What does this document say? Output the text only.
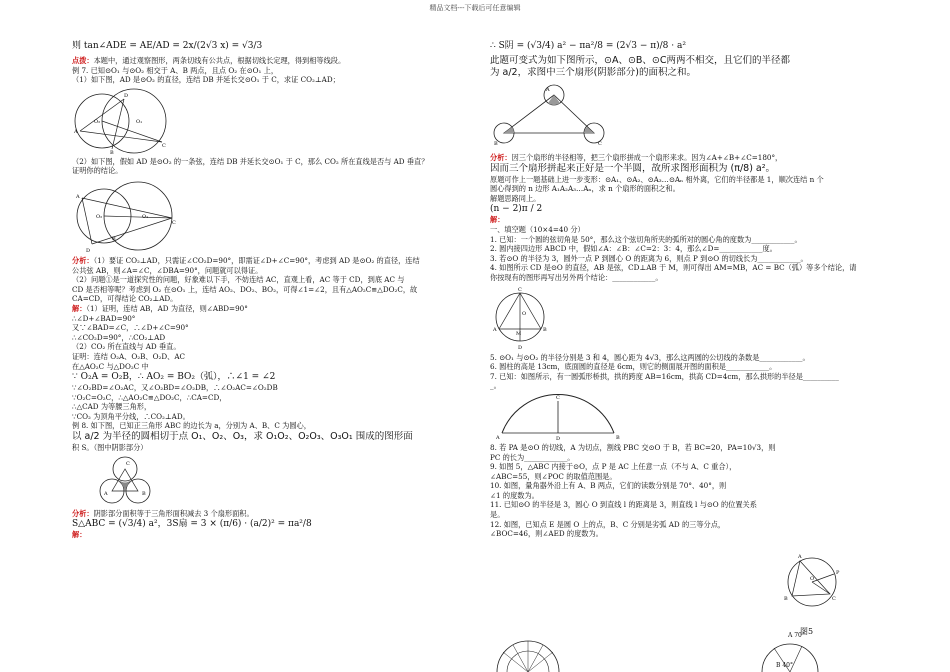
精品文档---下载后可任意编辑
则 tan∠ADE = AE/AD = 2x/(2√3 x) = √3/3
点拨：本题中，通过观察图形，两条切线有公共点，根据切线长定理，得到相等线段。
例 7. 已知⊙O₁ 与⊙O₂ 相交于 A、B 两点，且点 O₂ 在⊙O₁ 上，
（1）如下图，AD 是⊙O₂ 的直径，连结 DB 并延长交⊙O₁ 于 C，求证 CO₂⊥AD；
O₂	O₁
A
D
B
C
（2）如下图，假如 AD 是⊙O₂ 的一条弦，连结 DB 并延长交⊙O₁ 于 C，那么 CO₂ 所在直线是否与 AD 垂直？
证明你的结论。
A
D
O₂	O₁
B
C
分析：（1）要证 CO₂⊥AD，只需证∠CO₂D=90°，即需证∠D+∠C=90°，考虑到 AD 是⊙O₂ 的直径，连结
公共弦 AB，则∠A=∠C，∠DBA=90°，问题就可以得证。
（2）问题①是一道探究性的问题，好象难以下手，不妨连结 AC，直观上看，AC 等于 CD，到底 AC 与
CD 是否相等呢？考虑到 O₂ 在⊙O₁ 上，连结 AO₂、DO₂、BO₂，可得∠1=∠2，且有△AO₂C≌△DO₂C，故
CA=CD，可得结论 CO₂⊥AD。
解：（1）证明，连结 AB，AD 为直径，则∠ABD=90°
∴∠D+∠BAD=90°
又∵∠BAD=∠C，∴∠D+∠C=90°
∴∠CO₂D=90°，∴CO₂⊥AD
（2）CO₂ 所在直线与 AD 垂直。
证明：连结 O₂A、O₂B、O₂D、AC
在△AO₂C 与△DO₂C 中
∵ O₂A = O₂B，∴ AO₂ = BO₂（弧），∴∠1 = ∠2
∵∠O₂BD=∠O₂AC，又∠O₂BD=∠O₂DB，∴∠O₂AC=∠O₂DB
∵O₂C=O₂C，∴△AO₂C≌△DO₂C，∴CA=CD，
∴△CAD 为等腰三角形，
∵CO₂ 为顶角平分线，∴CO₂⊥AD。
例 8. 如下图，已知正三角形 ABC 的边长为 a，分别为 A、B、C 为圆心，
以 a/2 为半径的圆相切于点 O₁、O₂、O₃，求 O₁O₂、O₂O₃、O₃O₁ 围成的图形面
积 S。（图中阴影部分）
C
A	B
分析：阴影部分面积等于三角形面积减去 3 个扇形面积。
S△ABC = (√3/4) a²，3S扇 = 3 × (π/6) · (a/2)² = πa²/8
解：
∴ S阴 = (√3/4) a² − πa²/8 = (2√3 − π)/8 · a²
此题可变式为如下图所示，⊙A、⊙B、⊙C两两不相交，且它们的半径都
为 a/2，求图中三个扇形(阴影部分)的面积之和。
A
B	C
分析：因三个扇形的半径相等，把三个扇形拼成一个扇形来求。因为∠A+∠B+∠C=180°，
因而三个扇形拼起来正好是一个半圆，故所求图形面积为 (π/8) a²。
原题可作上一题基础上进一步变形：⊙A₁、⊙A₂、⊙A₃…⊙Aₙ 相外离，它们的半径都是 1，顺次连结 n 个
圆心得到的 n 边形 A₁A₂A₃…Aₙ，求 n 个扇形的面积之和。
解题思路同上。
(n − 2)π / 2
解：
一、填空题（10×4=40 分）
1. 已知：一个圆的弦切角是 50°，那么这个弦切角所夹的弧所对的圆心角的度数为____________。
2. 圆内接四边形 ABCD 中，假如∠A：∠B：∠C=2：3：4，那么∠D=____________度。
3. 若⊙O 的半径为 3，圆外一点 P 到圆心 O 的距离为 6，则点 P 到⊙O 的切线长为____________。
4. 如图所示 CD 是⊙O 的直径，AB 是弦，CD⊥AB 于 M，则可得出 AM=MB，AC = BC（弧）等多个结论，请
你按现有的图形再写出另外两个结论：____________。
C
A	B
D
O
M
5. ⊙O₁ 与⊙O₂ 的半径分别是 3 和 4，圆心距为 4√3，那么这两圆的公切线的条数是____________。
6. 圆柱的高是 13cm，底面圆的直径是 6cm，则它的侧面展开图的面积是____________。
7. 已知：如图所示，有一圆弧形桥拱，拱的跨度 AB=16cm，拱高 CD=4cm，那么拱形的半径是__________
_。
A	B
C
D
8. 若 PA 是⊙O 的切线，A 为切点，割线 PBC 交⊙O 于 B，若 BC=20，PA=10√3，则
PC 的长为____________。
9. 如图 5，△ABC 内接于⊙O，点 P 是 AC 上任意一点（不与 A、C 重合），
∠ABC=55，则∠POC 的取值范围是。
10. 如图，量角器外沿上有 A、B 两点，它们的读数分别是 70°、40°，则
∠1 的度数为。
11. 已知⊙O 的半径是 3，圆心 O 到直线 l 的距离是 3，则直线 l 与⊙O 的位置关系
是。
12. 如图，已知点 E 是圆 O 上的点，B、C 分别是劣弧 AD 的三等分点，
∠BOC=46，则∠AED 的度数为。
A
P
B	C
O
图5
A 70°
B 40°
